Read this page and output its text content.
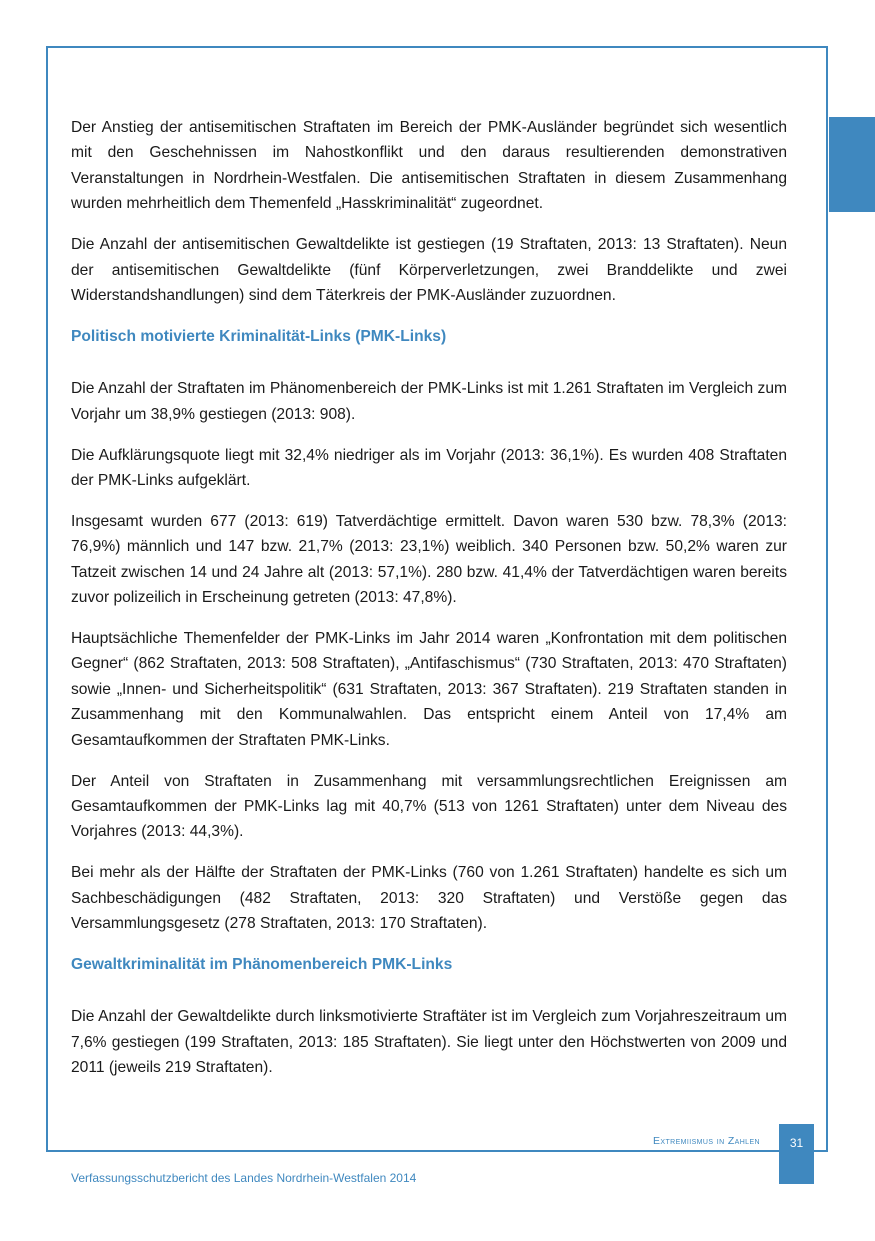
Der Anstieg der antisemitischen Straftaten im Bereich der PMK-Ausländer begründet sich wesentlich mit den Geschehnissen im Nahostkonflikt und den daraus resultierenden demonstrativen Veranstaltungen in Nordrhein-Westfalen. Die antisemitischen Straftaten in diesem Zusammenhang wurden mehrheitlich dem Themenfeld „Hasskriminalität“ zugeordnet.

Die Anzahl der antisemitischen Gewaltdelikte ist gestiegen (19 Straftaten, 2013: 13 Straftaten). Neun der antisemitischen Gewaltdelikte (fünf Körperverletzungen, zwei Branddelikte und zwei Widerstandshandlungen) sind dem Täterkreis der PMK-Ausländer zuzuordnen.

Politisch motivierte Kriminalität-Links (PMK-Links)

Die Anzahl der Straftaten im Phänomenbereich der PMK-Links ist mit 1.261 Straftaten im Vergleich zum Vorjahr um 38,9% gestiegen (2013: 908).

Die Aufklärungsquote liegt mit 32,4% niedriger als im Vorjahr (2013: 36,1%). Es wurden 408 Straftaten der PMK-Links aufgeklärt.

Insgesamt wurden 677 (2013: 619) Tatverdächtige ermittelt. Davon waren 530 bzw. 78,3% (2013: 76,9%) männlich und 147 bzw. 21,7% (2013: 23,1%) weiblich. 340 Personen bzw. 50,2% waren zur Tatzeit zwischen 14 und 24 Jahre alt (2013: 57,1%). 280 bzw. 41,4% der Tatverdächtigen waren bereits zuvor polizeilich in Erscheinung getreten (2013: 47,8%).

Hauptsächliche Themenfelder der PMK-Links im Jahr 2014 waren „Konfrontation mit dem politischen Gegner“ (862 Straftaten, 2013: 508 Straftaten), „Antifaschismus“ (730 Straftaten, 2013: 470 Straftaten) sowie „Innen- und Sicherheitspolitik“ (631 Straftaten, 2013: 367 Straftaten). 219 Straftaten standen in Zusammenhang mit den Kommunalwahlen. Das entspricht einem Anteil von 17,4% am Gesamtaufkommen der Straftaten PMK-Links.

Der Anteil von Straftaten in Zusammenhang mit versammlungsrechtlichen Ereignissen am Gesamtaufkommen der PMK-Links lag mit 40,7% (513 von 1261 Straftaten) unter dem Niveau des Vorjahres (2013: 44,3%).

Bei mehr als der Hälfte der Straftaten der PMK-Links (760 von 1.261 Straftaten) handelte es sich um Sachbeschädigungen (482 Straftaten, 2013: 320 Straftaten) und Verstöße gegen das Versammlungsgesetz (278 Straftaten, 2013: 170 Straftaten).

Gewaltkriminalität im Phänomenbereich PMK-Links

Die Anzahl der Gewaltdelikte durch linksmotivierte Straftäter ist im Vergleich zum Vorjahreszeitraum um 7,6% gestiegen (199 Straftaten, 2013: 185 Straftaten). Sie liegt unter den Höchstwerten von 2009 und 2011 (jeweils 219 Straftaten).

Extremiismus in Zahlen	31
Verfassungsschutzbericht des Landes Nordrhein-Westfalen 2014
